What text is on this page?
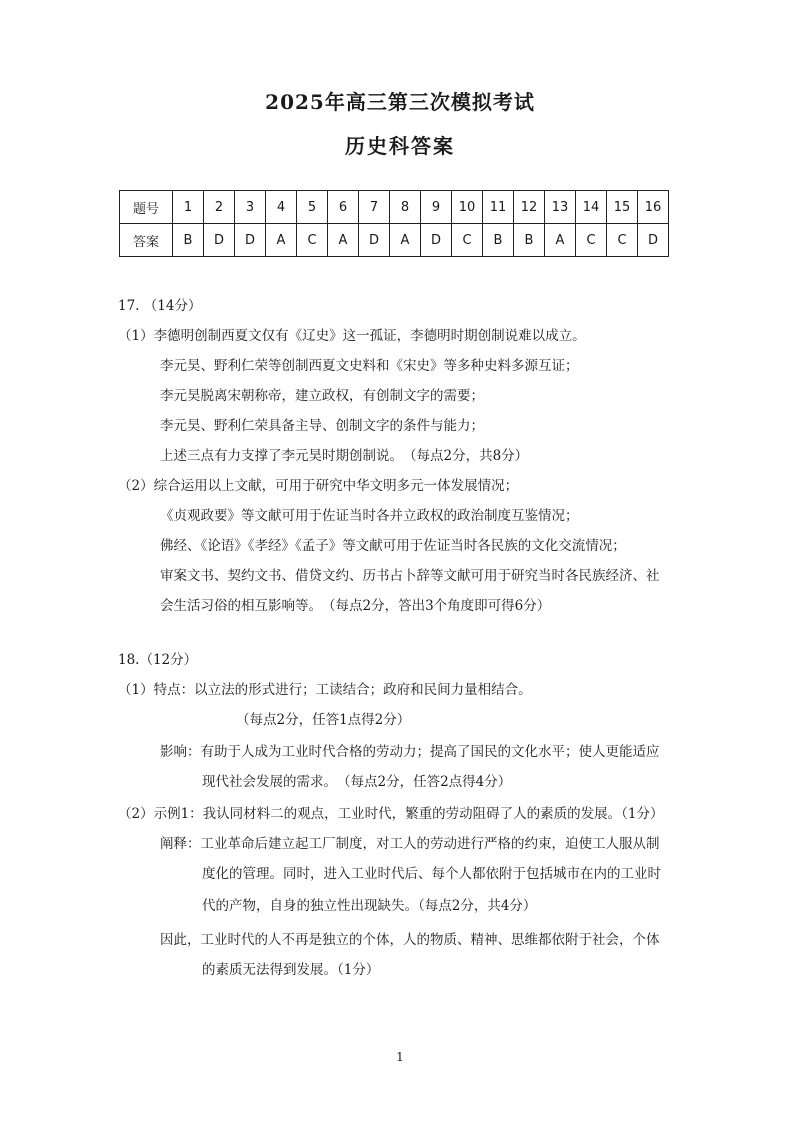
2025年高三第三次模拟考试
历史科答案
题号	1	2	3	4	5	6	7	8	9	10	11	12	13	14	15	16
答案	B	D	D	A	C	A	D	A	D	C	B	B	A	C	C	D
17. （14分）
（1）李德明创制西夏文仅有《辽史》这一孤证，李德明时期创制说难以成立。
李元昊、野利仁荣等创制西夏文史料和《宋史》等多种史料多源互证；
李元昊脱离宋朝称帝，建立政权，有创制文字的需要；
李元昊、野利仁荣具备主导、创制文字的条件与能力；
上述三点有力支撑了李元昊时期创制说。　（每点2分，共8分）
（2）综合运用以上文献，可用于研究中华文明多元一体发展情况；
《贞观政要》等文献可用于佐证当时各并立政权的政治制度互鉴情况；
佛经、《论语》《孝经》《孟子》等文献可用于佐证当时各民族的文化交流情况；
审案文书、契约文书、借贷文约、历书占卜辞等文献可用于研究当时各民族经济、社
会生活习俗的相互影响等。　（每点2分，答出3个角度即可得6分）
18.（12分）
（1）特点：以立法的形式进行；工读结合；政府和民间力量相结合。
（每点2分，任答1点得2分）
影响：有助于人成为工业时代合格的劳动力；提高了国民的文化水平；使人更能适应
现代社会发展的需求。　（每点2分，任答2点得4分）
（2）示例1：我认同材料二的观点，工业时代，繁重的劳动阻碍了人的素质的发展。（1分）
阐释：工业革命后建立起工厂制度，对工人的劳动进行严格的约束，迫使工人服从制
度化的管理。同时，进入工业时代后、每个人都依附于包括城市在内的工业时
代的产物，自身的独立性出现缺失。（每点2分，共4分）
因此，工业时代的人不再是独立的个体，人的物质、精神、思维都依附于社会，个体
的素质无法得到发展。（1分）
1
